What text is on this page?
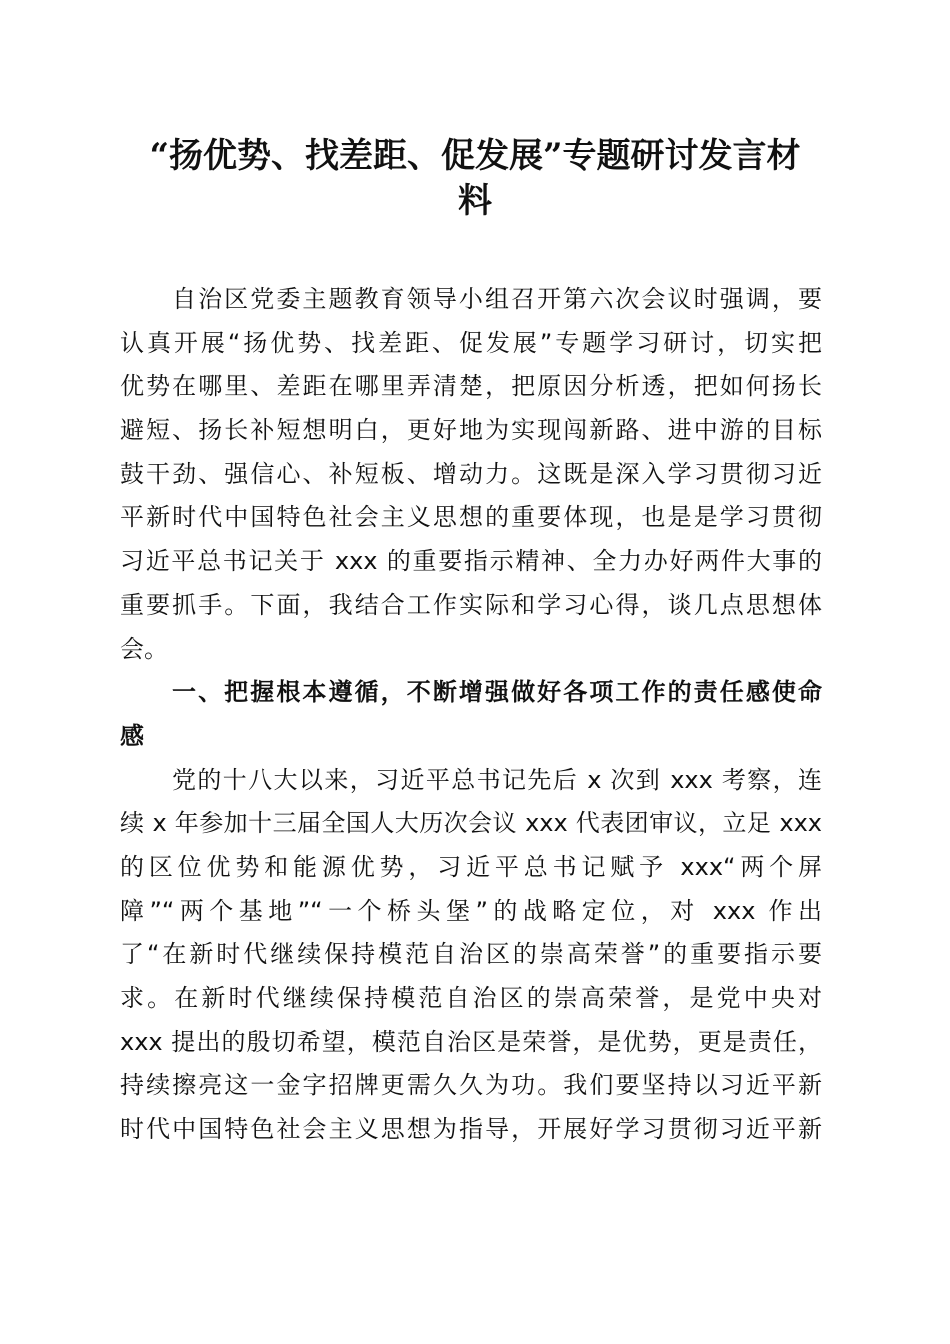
“扬优势、找差距、促发展”专题研讨发言材
料
自治区党委主题教育领导小组召开第六次会议时强调，要
认真开展“扬优势、找差距、促发展”专题学习研讨，切实把
优势在哪里、差距在哪里弄清楚，把原因分析透，把如何扬长
避短、扬长补短想明白，更好地为实现闯新路、进中游的目标
鼓干劲、强信心、补短板、增动力。这既是深入学习贯彻习近
平新时代中国特色社会主义思想的重要体现，也是是学习贯彻
习近平总书记关于 xxx 的重要指示精神、全力办好两件大事的
重要抓手。下面，我结合工作实际和学习心得，谈几点思想体
会。
一、把握根本遵循，不断增强做好各项工作的责任感使命
感
党的十八大以来，习近平总书记先后 x 次到 xxx 考察，连
续 x 年参加十三届全国人大历次会议 xxx 代表团审议，立足 xxx
的区位优势和能源优势，习近平总书记赋予 xxx“两个屏
障”“两个基地”“一个桥头堡”的战略定位，对 xxx 作出
了“在新时代继续保持模范自治区的崇高荣誉”的重要指示要
求。在新时代继续保持模范自治区的崇高荣誉，是党中央对
xxx 提出的殷切希望，模范自治区是荣誉，是优势，更是责任，
持续擦亮这一金字招牌更需久久为功。我们要坚持以习近平新
时代中国特色社会主义思想为指导，开展好学习贯彻习近平新
